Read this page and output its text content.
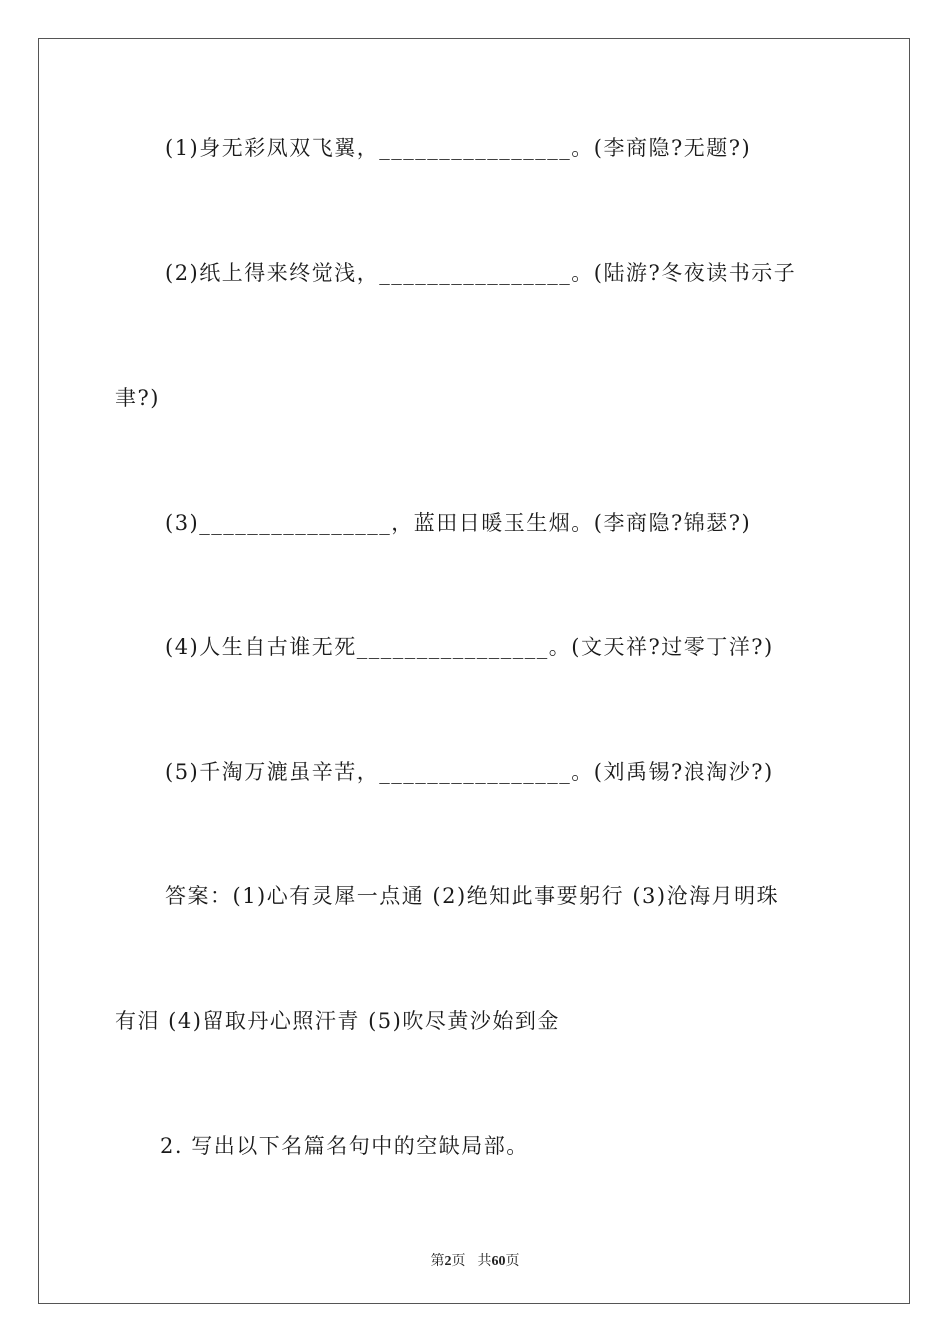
(1)身无彩凤双飞翼，________________。(李商隐?无题?)
(2)纸上得来终觉浅，________________。(陆游?冬夜读书示子
聿?)
(3)________________，蓝田日暖玉生烟。(李商隐?锦瑟?)
(4)人生自古谁无死________________。(文天祥?过零丁洋?)
(5)千淘万漉虽辛苦，________________。(刘禹锡?浪淘沙?)
答案：(1)心有灵犀一点通 (2)绝知此事要躬行 (3)沧海月明珠
有泪 (4)留取丹心照汗青 (5)吹尽黄沙始到金
2. 写出以下名篇名句中的空缺局部。
第2页 共60页
